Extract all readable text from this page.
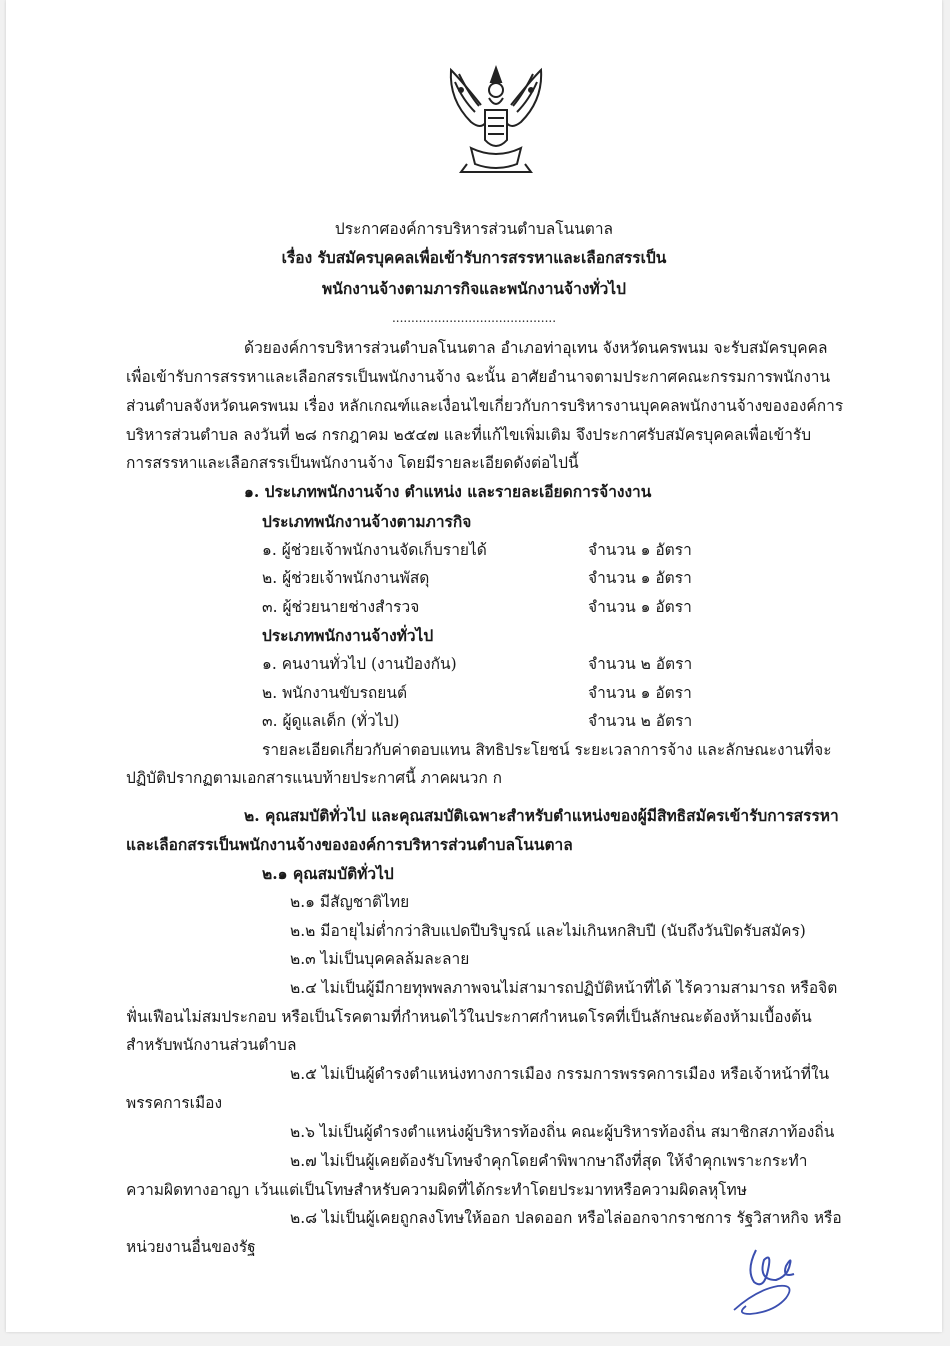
ประกาศองค์การบริหารส่วนตำบลโนนตาล
เรื่อง รับสมัครบุคคลเพื่อเข้ารับการสรรหาและเลือกสรรเป็น
พนักงานจ้างตามภารกิจและพนักงานจ้างทั่วไป
...........................................
ด้วยองค์การบริหารส่วนตำบลโนนตาล อำเภอท่าอุเทน จังหวัดนครพนม จะรับสมัครบุคคล
เพื่อเข้ารับการสรรหาและเลือกสรรเป็นพนักงานจ้าง ฉะนั้น อาศัยอำนาจตามประกาศคณะกรรมการพนักงาน
ส่วนตำบลจังหวัดนครพนม เรื่อง หลักเกณฑ์และเงื่อนไขเกี่ยวกับการบริหารงานบุคคลพนักงานจ้างขององค์การ
บริหารส่วนตำบล ลงวันที่ ๒๘ กรกฎาคม ๒๕๔๗ และที่แก้ไขเพิ่มเติม จึงประกาศรับสมัครบุคคลเพื่อเข้ารับ
การสรรหาและเลือกสรรเป็นพนักงานจ้าง โดยมีรายละเอียดดังต่อไปนี้
๑. ประเภทพนักงานจ้าง ตำแหน่ง และรายละเอียดการจ้างงาน
ประเภทพนักงานจ้างตามภารกิจ
๑. ผู้ช่วยเจ้าพนักงานจัดเก็บรายได้	จำนวน ๑ อัตรา
๒. ผู้ช่วยเจ้าพนักงานพัสดุ	จำนวน ๑ อัตรา
๓. ผู้ช่วยนายช่างสำรวจ	จำนวน ๑ อัตรา
ประเภทพนักงานจ้างทั่วไป
๑. คนงานทั่วไป (งานป้องกัน)	จำนวน ๒ อัตรา
๒. พนักงานขับรถยนต์	จำนวน ๑ อัตรา
๓. ผู้ดูแลเด็ก (ทั่วไป)	จำนวน ๒ อัตรา
รายละเอียดเกี่ยวกับค่าตอบแทน สิทธิประโยชน์ ระยะเวลาการจ้าง และลักษณะงานที่จะ
ปฏิบัติปรากฏตามเอกสารแนบท้ายประกาศนี้ ภาคผนวก ก
๒. คุณสมบัติทั่วไป และคุณสมบัติเฉพาะสำหรับตำแหน่งของผู้มีสิทธิสมัครเข้ารับการสรรหา
และเลือกสรรเป็นพนักงานจ้างขององค์การบริหารส่วนตำบลโนนตาล
๒.๑ คุณสมบัติทั่วไป
๒.๑ มีสัญชาติไทย
๒.๒ มีอายุไม่ต่ำกว่าสิบแปดปีบริบูรณ์ และไม่เกินหกสิบปี (นับถึงวันปิดรับสมัคร)
๒.๓ ไม่เป็นบุคคลล้มละลาย
๒.๔ ไม่เป็นผู้มีกายทุพพลภาพจนไม่สามารถปฏิบัติหน้าที่ได้ ไร้ความสามารถ หรือจิต
ฟั่นเฟือนไม่สมประกอบ หรือเป็นโรคตามที่กำหนดไว้ในประกาศกำหนดโรคที่เป็นลักษณะต้องห้ามเบื้องต้น
สำหรับพนักงานส่วนตำบล
๒.๕ ไม่เป็นผู้ดำรงตำแหน่งทางการเมือง กรรมการพรรคการเมือง หรือเจ้าหน้าที่ใน
พรรคการเมือง
๒.๖ ไม่เป็นผู้ดำรงตำแหน่งผู้บริหารท้องถิ่น คณะผู้บริหารท้องถิ่น สมาชิกสภาท้องถิ่น
๒.๗ ไม่เป็นผู้เคยต้องรับโทษจำคุกโดยคำพิพากษาถึงที่สุด ให้จำคุกเพราะกระทำ
ความผิดทางอาญา เว้นแต่เป็นโทษสำหรับความผิดที่ได้กระทำโดยประมาทหรือความผิดลหุโทษ
๒.๘ ไม่เป็นผู้เคยถูกลงโทษให้ออก ปลดออก หรือไล่ออกจากราชการ รัฐวิสาหกิจ หรือ
หน่วยงานอื่นของรัฐ
